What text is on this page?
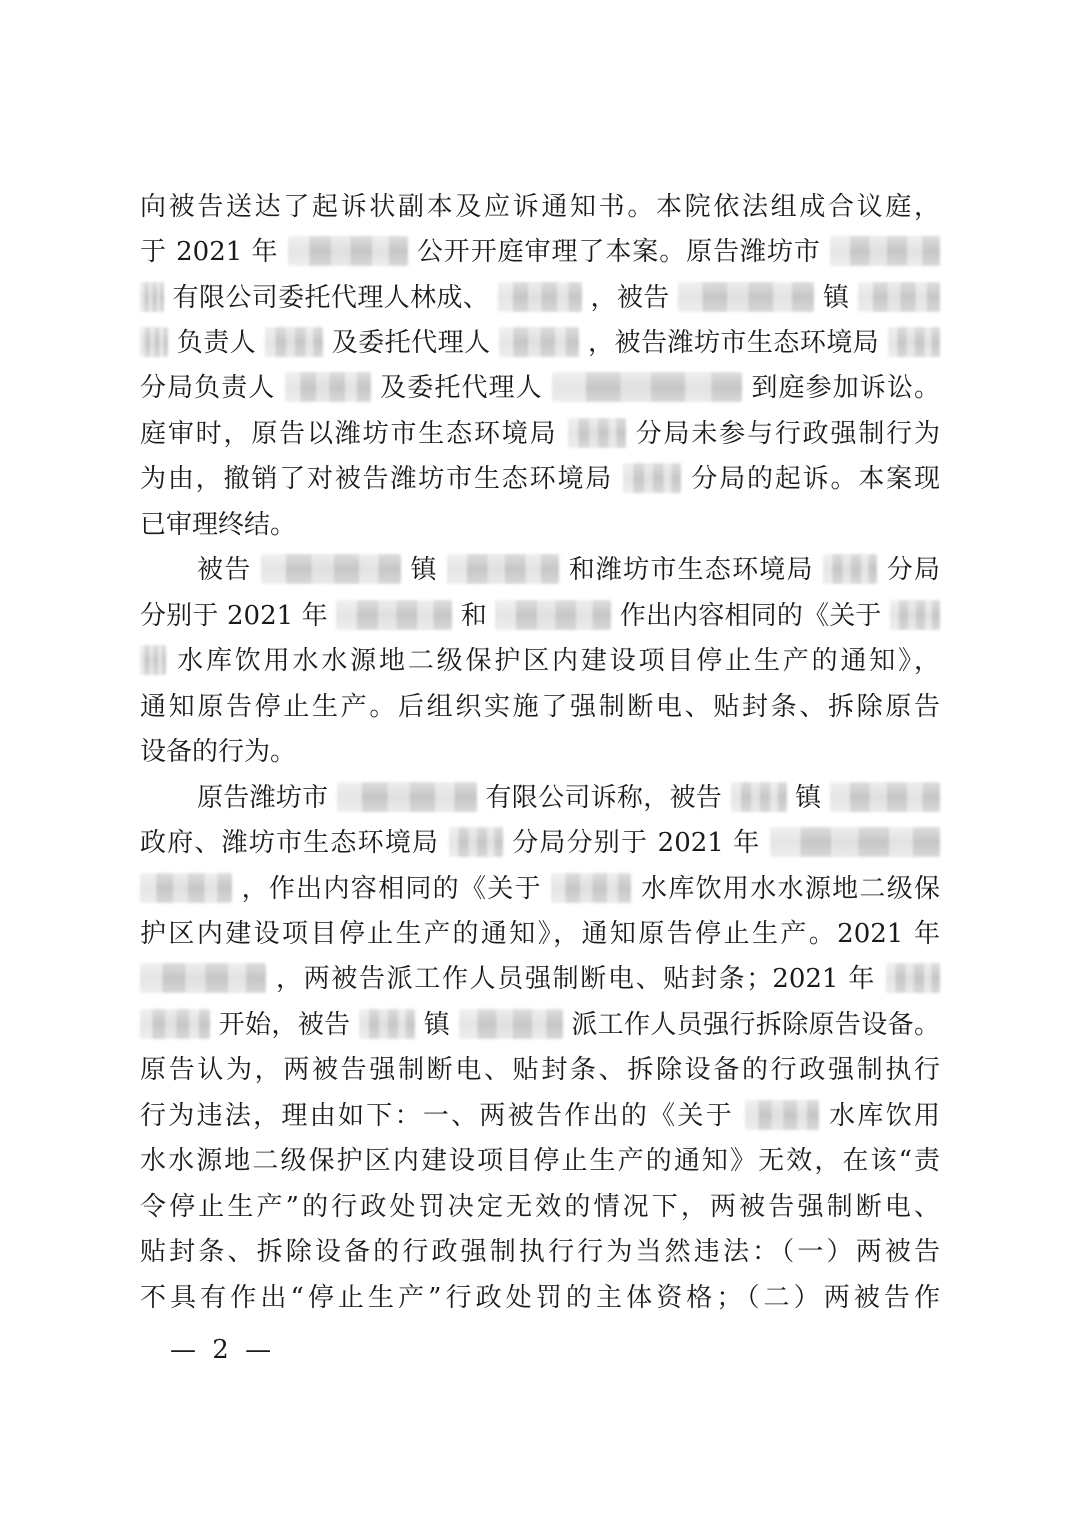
向被告送达了起诉状副本及应诉通知书。本院依法组成合议庭，
于 2021 年	公开开庭审理了本案。原告潍坊市
有限公司委托代理人林成、	，被告	镇
负责人	及委托代理人	，被告潍坊市生态环境局
分局负责人	及委托代理人	到庭参加诉讼。
庭审时，原告以潍坊市生态环境局	分局未参与行政强制行为
为由，撤销了对被告潍坊市生态环境局	分局的起诉。本案现
已审理终结。
被告	镇	和潍坊市生态环境局	分局
分别于 2021 年	和	作出内容相同的《关于
水库饮用水水源地二级保护区内建设项目停止生产的通知》，
通知原告停止生产。后组织实施了强制断电、贴封条、拆除原告
设备的行为。
原告潍坊市	有限公司诉称，被告	镇
政府、潍坊市生态环境局	分局分别于 2021 年
，作出内容相同的《关于	水库饮用水水源地二级保
护区内建设项目停止生产的通知》，通知原告停止生产。2021 年
，两被告派工作人员强制断电、贴封条；2021 年
开始，被告	镇	派工作人员强行拆除原告设备。
原告认为，两被告强制断电、贴封条、拆除设备的行政强制执行
行为违法，理由如下：一、两被告作出的《关于	水库饮用
水水源地二级保护区内建设项目停止生产的通知》无效，在该“责
令停止生产”的行政处罚决定无效的情况下，两被告强制断电、
贴封条、拆除设备的行政强制执行行为当然违法：（一）两被告
不具有作出“停止生产”行政处罚的主体资格；（二）两被告作
— 2 —
